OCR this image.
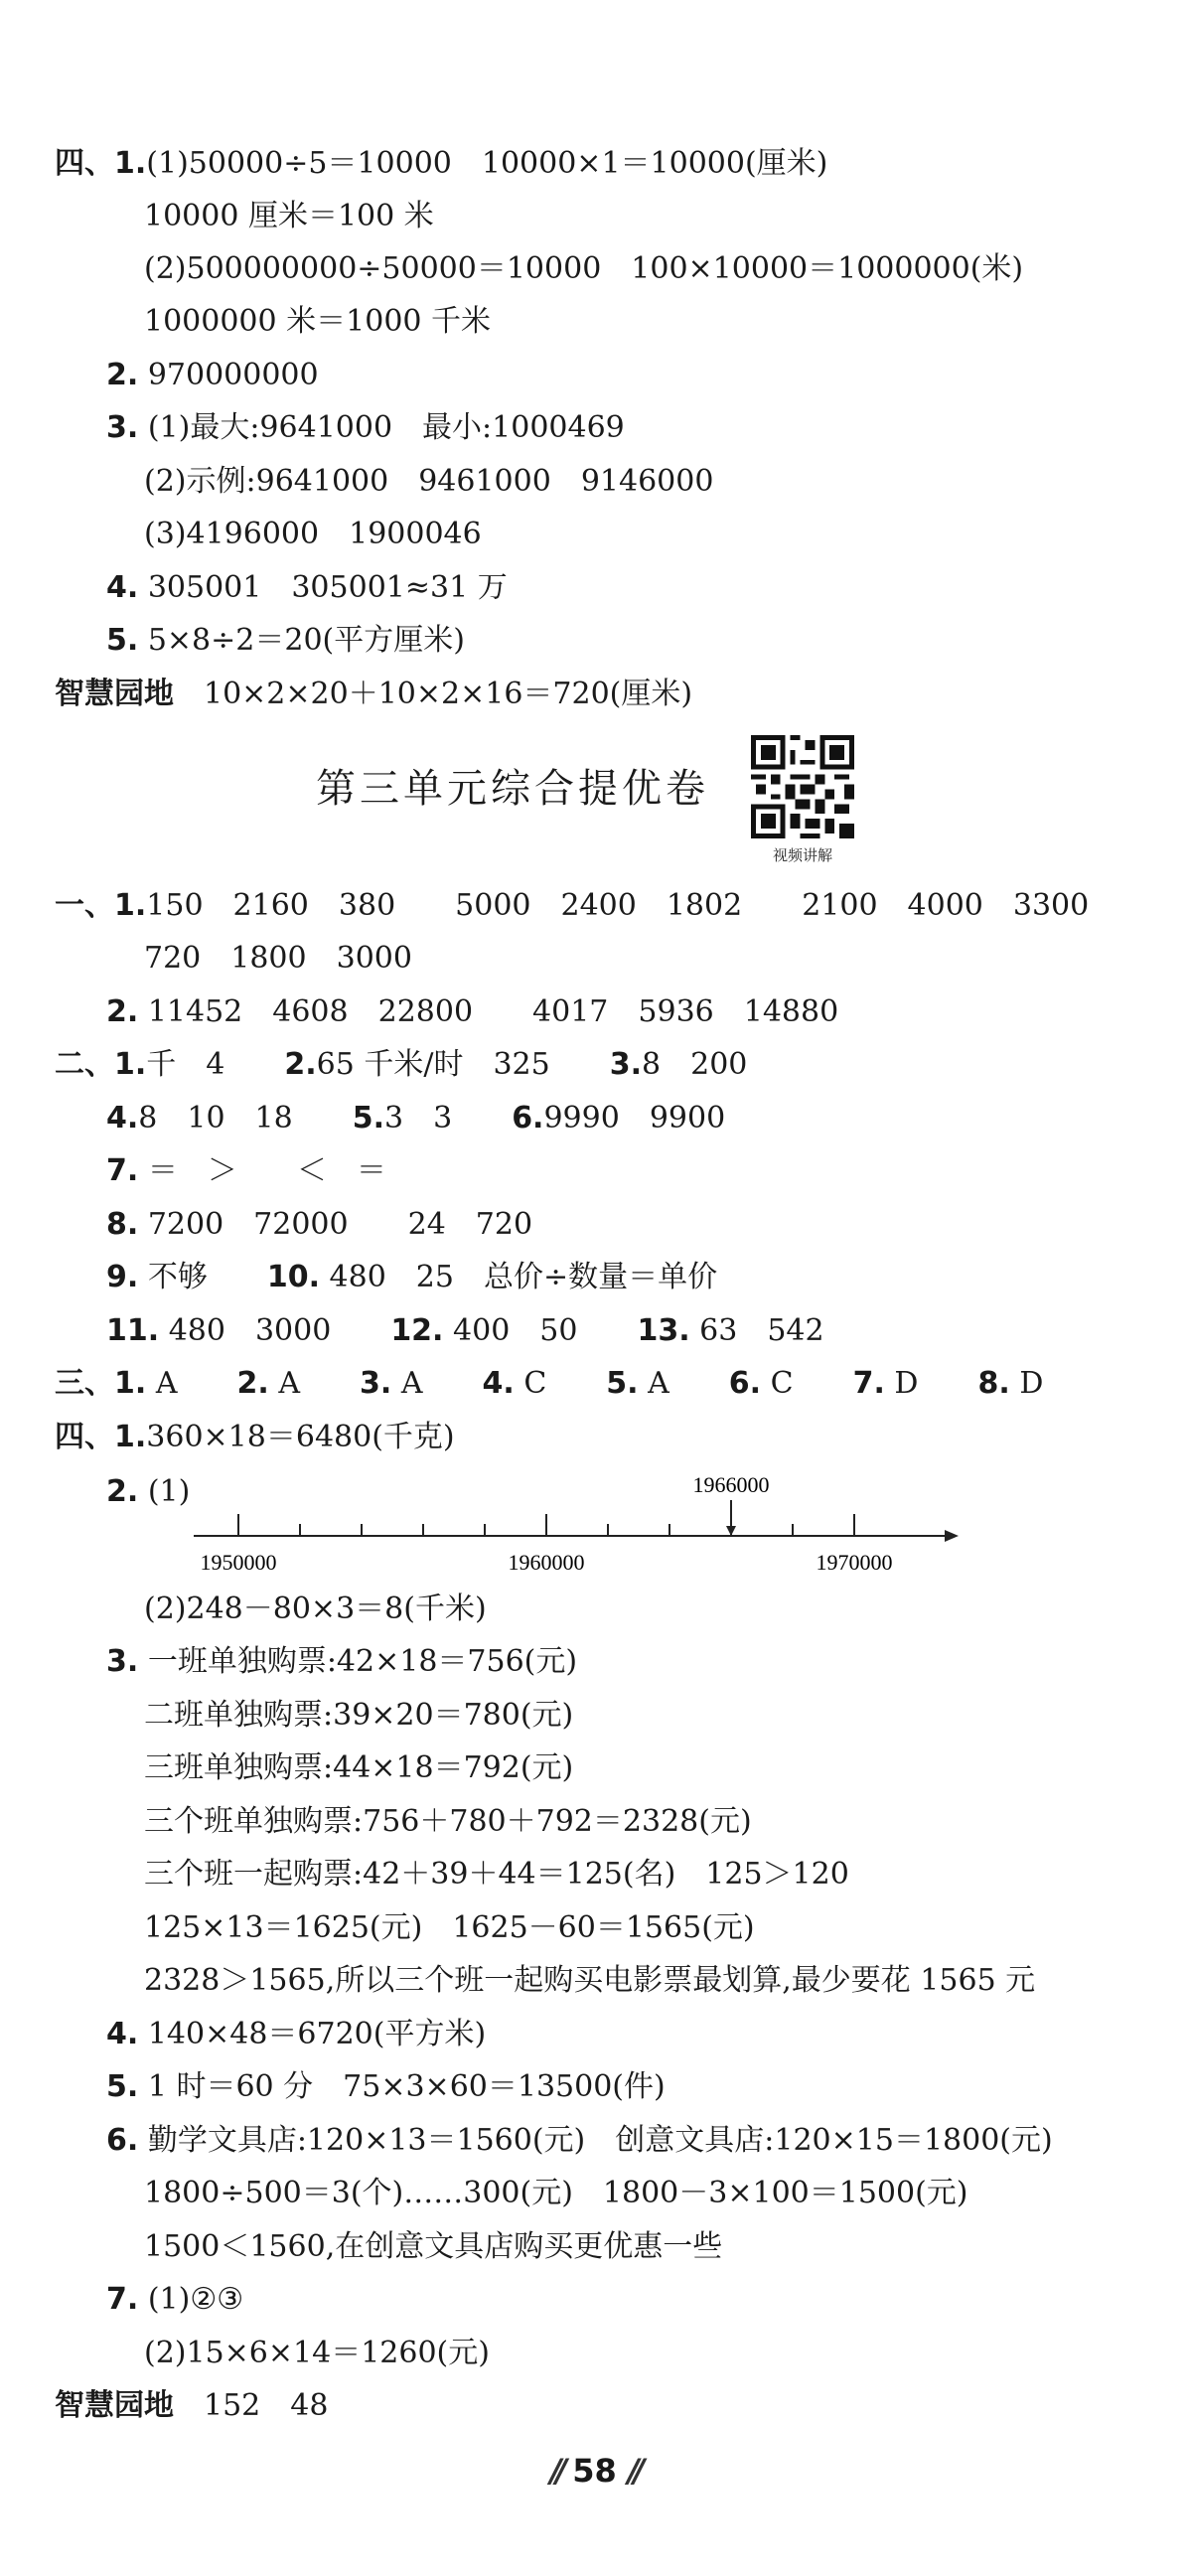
四、1.(1)50000÷5＝10000　10000×1＝10000(厘米)
10000 厘米＝100 米
(2)500000000÷50000＝10000　100×10000＝1000000(米)
1000000 米＝1000 千米
2. 970000000
3. (1)最大:9641000　最小:1000469
(2)示例:9641000　9461000　9146000
(3)4196000　1900046
4. 305001　305001≈31 万
5. 5×8÷2＝20(平方厘米)
智慧园地　 10×2×20＋10×2×16＝720(厘米)
第三单元综合提优卷
视频讲解
一、1.150　2160　380　　5000　2400　1802　　2100　4000　3300
720　1800　3000
2. 11452　4608　22800　　4017　5936　14880
二、1.千　4　　2.65 千米/时　325　　3.8　200
4.8　10　18　　5.3　3　　6.9990　9900
7. ＝　＞　　＜　＝
8. 7200　72000　　24　720
9. 不够　　10. 480　25　总价÷数量＝单价
11. 480　3000　　12. 400　50　　13. 63　542
三、1. A　　2. A　　3. A　　4. C　　5. A　　6. C　　7. D　　8. D
四、1.360×18＝6480(千克)
2. (1)
1950000	1960000	1970000
1966000
(2)248－80×3＝8(千米)
3. 一班单独购票:42×18＝756(元)
二班单独购票:39×20＝780(元)
三班单独购票:44×18＝792(元)
三个班单独购票:756＋780＋792＝2328(元)
三个班一起购票:42＋39＋44＝125(名)　125＞120
125×13＝1625(元)　1625－60＝1565(元)
2328＞1565,所以三个班一起购买电影票最划算,最少要花 1565 元
4. 140×48＝6720(平方米)
5. 1 时＝60 分　75×3×60＝13500(件)
6. 勤学文具店:120×13＝1560(元)　创意文具店:120×15＝1800(元)
1800÷500＝3(个)……300(元)　1800－3×100＝1500(元)
1500＜1560,在创意文具店购买更优惠一些
7. (1)②③
(2)15×6×14＝1260(元)
智慧园地　 152　48
// 58 //
